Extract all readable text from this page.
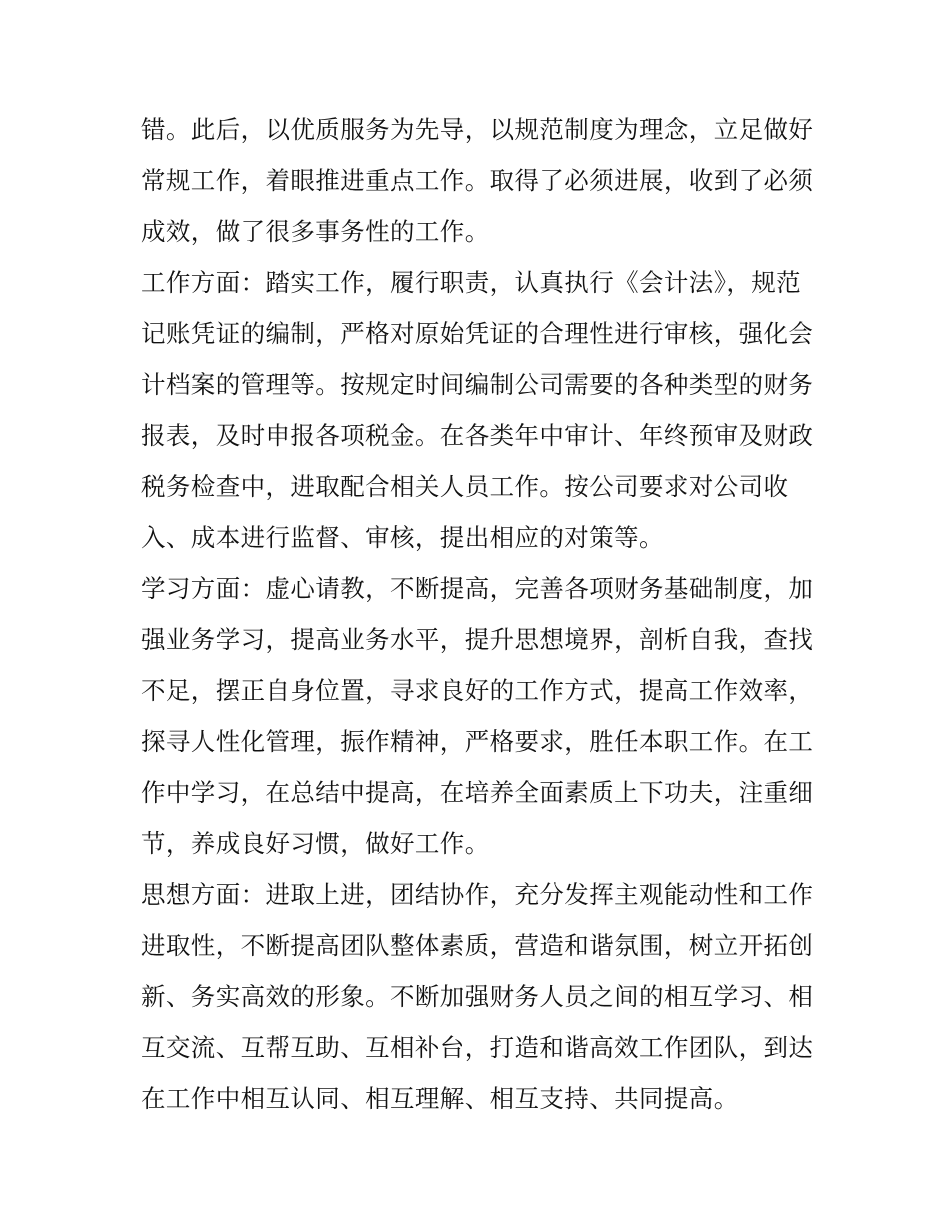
错。此后，以优质服务为先导，以规范制度为理念，立足做好
常规工作，着眼推进重点工作。取得了必须进展，收到了必须
成效，做了很多事务性的工作。
工作方面：踏实工作，履行职责，认真执行《会计法》，规范
记账凭证的编制，严格对原始凭证的合理性进行审核，强化会
计档案的管理等。按规定时间编制公司需要的各种类型的财务
报表，及时申报各项税金。在各类年中审计、年终预审及财政
税务检查中，进取配合相关人员工作。按公司要求对公司收
入、成本进行监督、审核，提出相应的对策等。
学习方面：虚心请教，不断提高，完善各项财务基础制度，加
强业务学习，提高业务水平，提升思想境界，剖析自我，查找
不足，摆正自身位置，寻求良好的工作方式，提高工作效率，
探寻人性化管理，振作精神，严格要求，胜任本职工作。在工
作中学习，在总结中提高，在培养全面素质上下功夫，注重细
节，养成良好习惯，做好工作。
思想方面：进取上进，团结协作，充分发挥主观能动性和工作
进取性，不断提高团队整体素质，营造和谐氛围，树立开拓创
新、务实高效的形象。不断加强财务人员之间的相互学习、相
互交流、互帮互助、互相补台，打造和谐高效工作团队，到达
在工作中相互认同、相互理解、相互支持、共同提高。
